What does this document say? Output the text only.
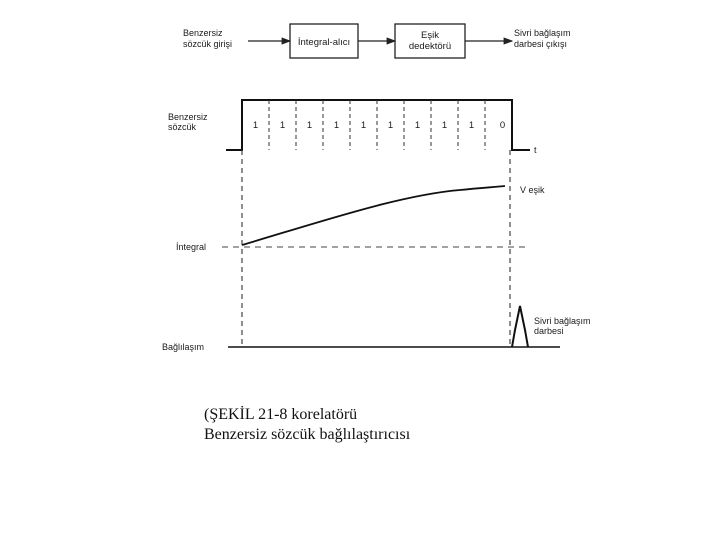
Benzersiz
sözcük girişi	İntegral-alıcı
Eşik
dedektörü
Sivri bağlaşım
darbesi çıkışı
Benzersiz
sözcük	1 1 1 1 1 1 1 1 1	0
t
İntegral
V eşik
Bağlılaşım
Sivri bağlaşım
darbesi
(ŞEKİL 21-8 korelatörü
Benzersiz sözcük bağlılaştırıcısı
